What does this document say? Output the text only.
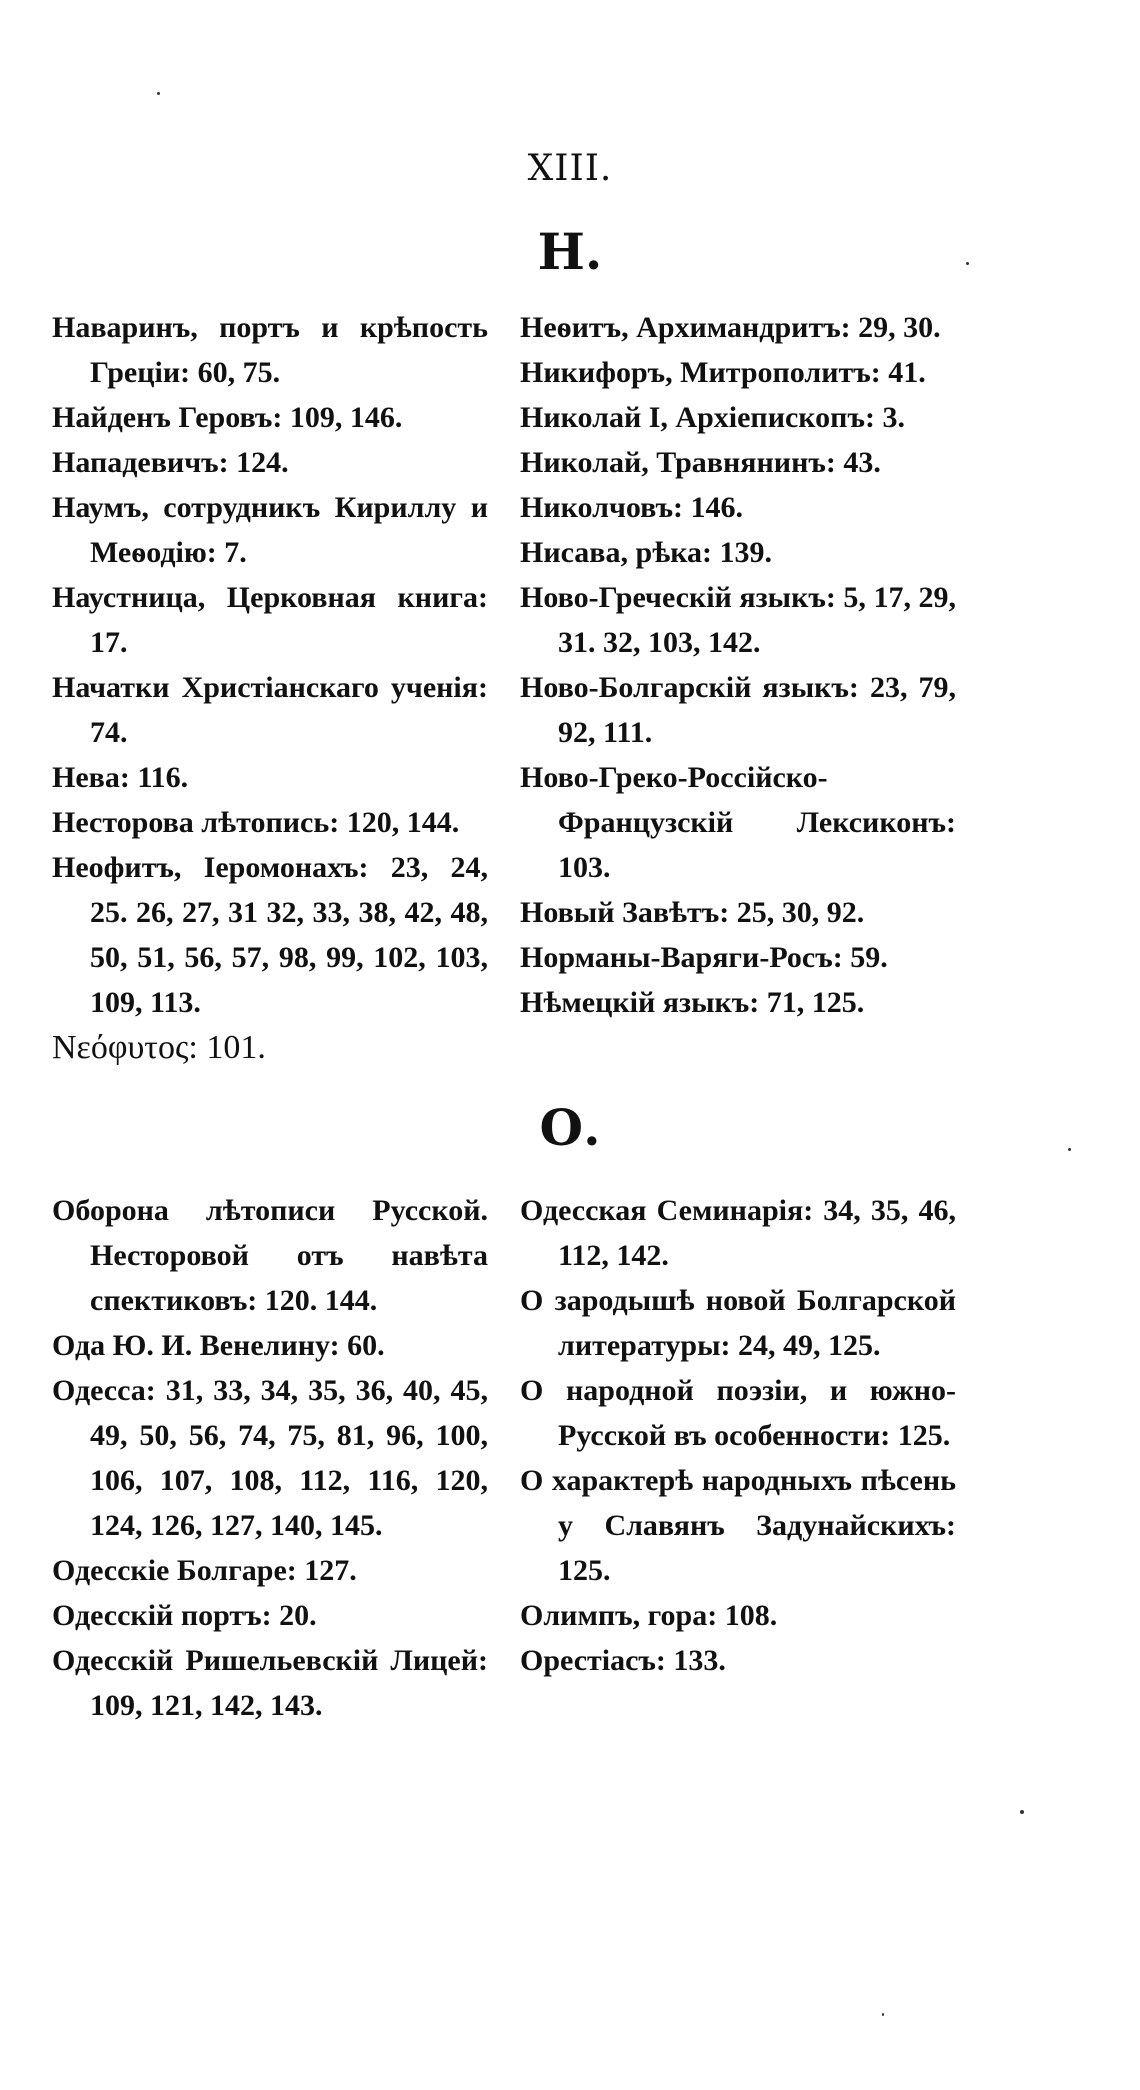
XIII.
Н.
Наваринъ, портъ и крѣпость Греціи: 60, 75.
Найденъ Геровъ: 109, 146.
Нападевичъ: 124.
Наумъ, сотрудникъ Кириллу и Меѳодію: 7.
Наустница, Церковная книга: 17.
Начатки Христіанскаго ученія: 74.
Нева: 116.
Несторова лѣтопись: 120, 144.
Неофитъ, Іеромонахъ: 23, 24, 25. 26, 27, 31 32, 33, 38, 42, 48, 50, 51, 56, 57, 98, 99, 102, 103, 109, 113.
Νεόφυτος: 101.
Неѳитъ, Архимандритъ: 29, 30.
Никифоръ, Митрополитъ: 41.
Николай I, Архіепископъ: 3.
Николай, Травнянинъ: 43.
Николчовъ: 146.
Нисава, рѣка: 139.
Ново-Греческій языкъ: 5, 17, 29, 31. 32, 103, 142.
Ново-Болгарскій языкъ: 23, 79, 92, 111.
Ново-Греко-Россійско-Французскій Лексиконъ: 103.
Новый Завѣтъ: 25, 30, 92.
Норманы-Варяги-Росъ: 59.
Нѣмецкій языкъ: 71, 125.
О.
Оборона лѣтописи Русской. Несторовой отъ навѣта спектиковъ: 120. 144.
Ода Ю. И. Венелину: 60.
Одесса: 31, 33, 34, 35, 36, 40, 45, 49, 50, 56, 74, 75, 81, 96, 100, 106, 107, 108, 112, 116, 120, 124, 126, 127, 140, 145.
Одесскіе Болгаре: 127.
Одесскій портъ: 20.
Одесскій Ришельевскій Лицей: 109, 121, 142, 143.
Одесская Семинарія: 34, 35, 46, 112, 142.
О зародышѣ новой Болгарской литературы: 24, 49, 125.
О народной поэзіи, и южно-Русской въ особенности: 125.
О характерѣ народныхъ пѣсень у Славянъ Задунайскихъ: 125.
Олимпъ, гора: 108.
Орестіасъ: 133.
